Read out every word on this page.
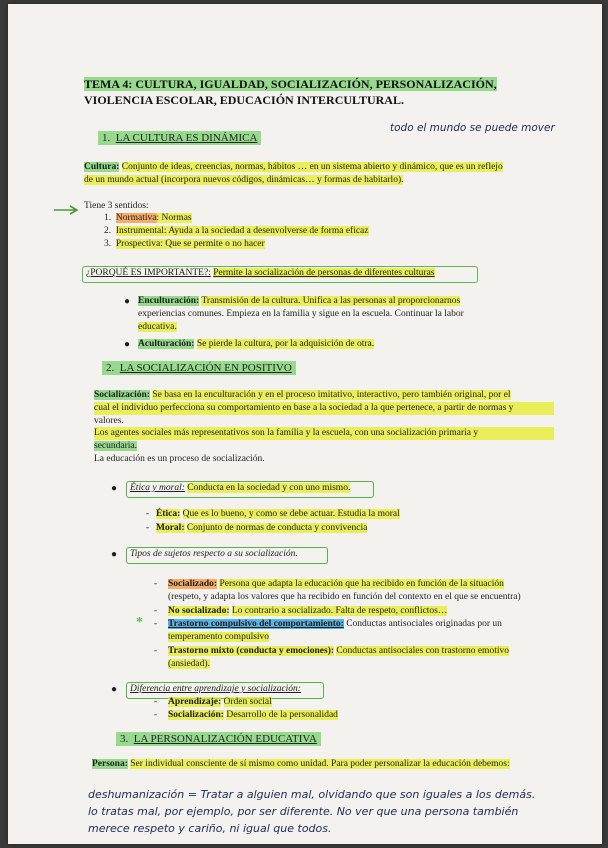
TEMA 4: CULTURA, IGUALDAD, SOCIALIZACIÓN, PERSONALIZACIÓN,
VIOLENCIA ESCOLAR, EDUCACIÓN INTERCULTURAL.
todo el mundo se puede mover
1. LA CULTURA ES DINÁMICA
Cultura: Conjunto de ideas, creencias, normas, hábitos … en un sistema abierto y dinámico, que es un reflejo
de un mundo actual (incorpora nuevos códigos, dinámicas… y formas de habitarlo).
Tiene 3 sentidos:
1. Normativa: Normas
2. Instrumental: Ayuda a la sociedad a desenvolverse de forma eficaz
3. Prospectiva: Que se permite o no hacer
¿PORQUÉ ES IMPORTANTE?: Permite la socialización de personas de diferentes culturas
● Enculturación: Transmisión de la cultura. Unifica a las personas al proporcionarnos
experiencias comunes. Empieza en la familia y sigue en la escuela. Continuar la labor
educativa.
● Aculturación: Se pierde la cultura, por la adquisición de otra.
2. LA SOCIALIZACIÓN EN POSITIVO
Socialización: Se basa en la enculturación y en el proceso imitativo, interactivo, pero también original, por el
cual el individuo perfecciona su comportamiento en base a la sociedad a la que pertenece, a partir de normas y
valores.
Los agentes sociales más representativos son la familia y la escuela, con una socialización primaria y
secundaria.
La educación es un proceso de socialización.
● Ética y moral: Conducta en la sociedad y con uno mismo.
- Ética: Que es lo bueno, y como se debe actuar. Estudia la moral
- Moral: Conjunto de normas de conducta y convivencia
● Tipos de sujetos respecto a su socialización.
- Socializado: Persona que adapta la educación que ha recibido en función de la situación
(respeto, y adapta los valores que ha recibido en función del contexto en el que se encuentra)
- No socializado: Lo contrario a socializado. Falta de respeto, conflictos…
* - Trastorno compulsivo del comportamiento: Conductas antisociales originadas por un
temperamento compulsivo
- Trastorno mixto (conducta y emociones): Conductas antisociales con trastorno emotivo
(ansiedad).
● Diferencia entre aprendizaje y socialización:
- Aprendizaje: Orden social
- Socialización: Desarrollo de la personalidad
3. LA PERSONALIZACIÓN EDUCATIVA
Persona: Ser individual consciente de sí mismo como unidad. Para poder personalizar la educación debemos:
deshumanización = Tratar a alguien mal, olvidando que son iguales a los demás.
lo tratas mal, por ejemplo, por ser diferente. No ver que una persona también
merece respeto y cariño, ni igual que todos.
